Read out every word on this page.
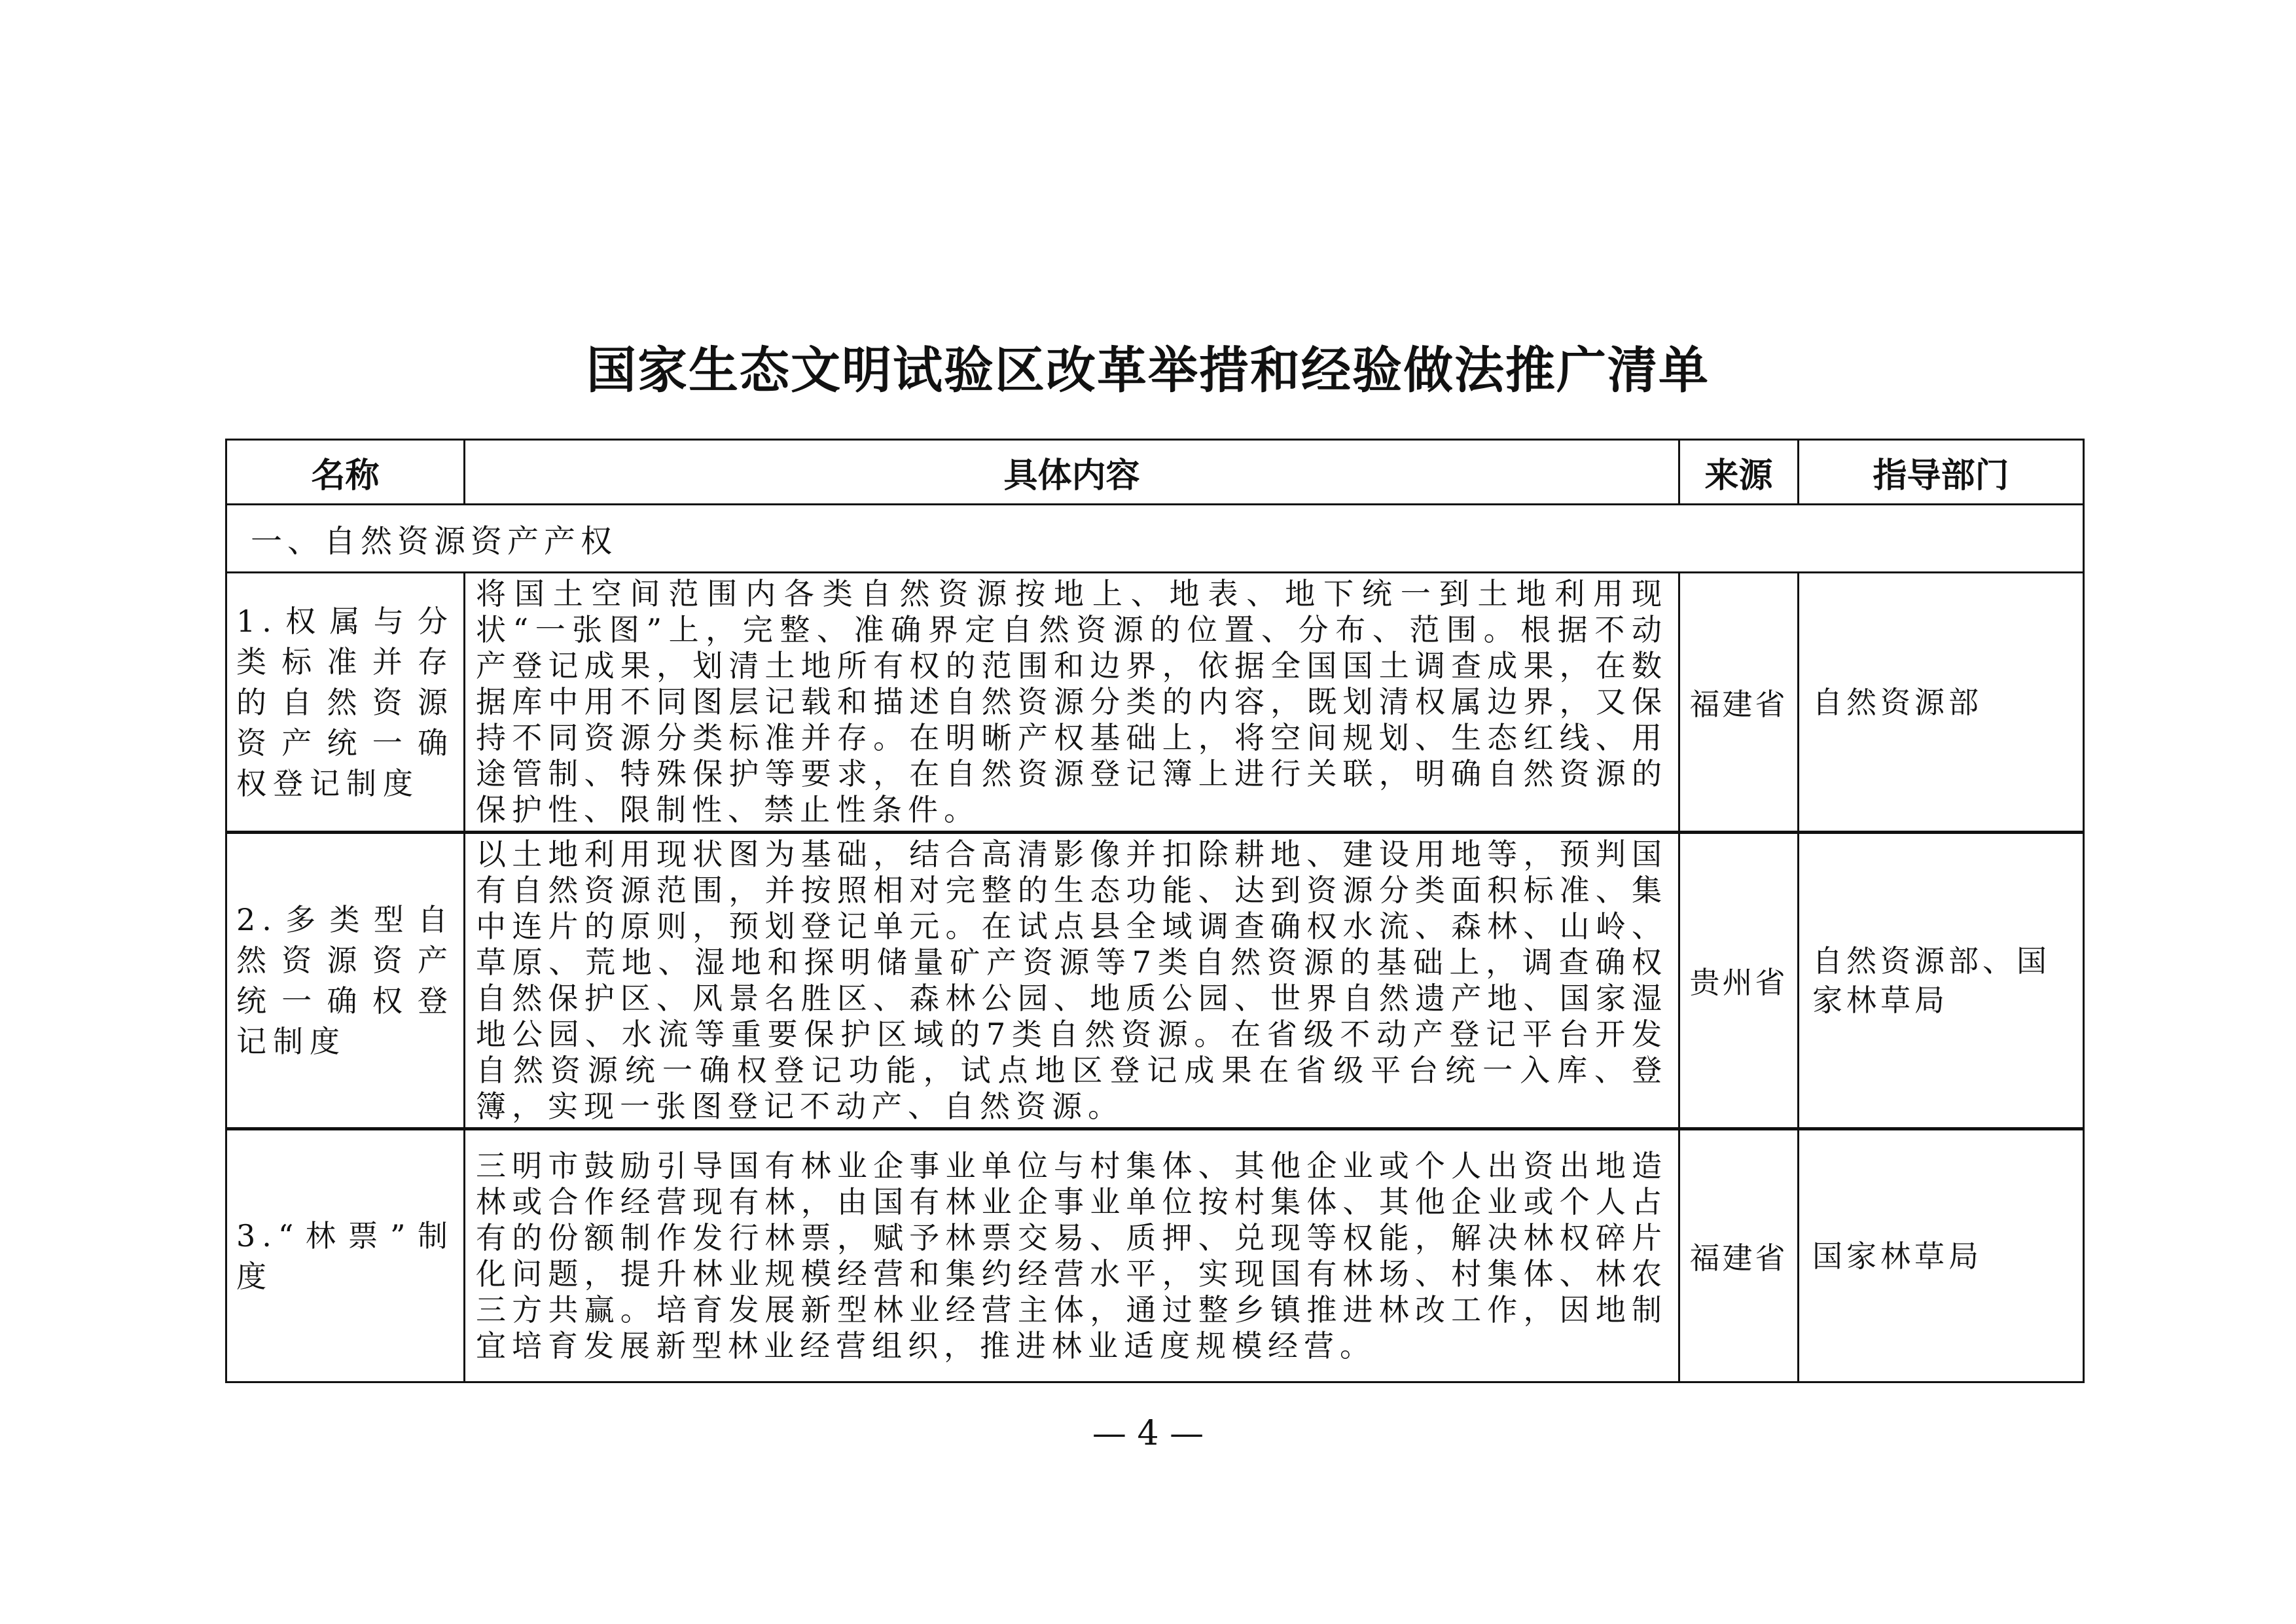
国家生态文明试验区改革举措和经验做法推广清单
名称	具体内容	来源	指导部门
一、自然资源资产产权			
1.权属与分类标准并存的自然资源资产统一确权登记制度	将国土空间范围内各类自然资源按地上、地表、地下统一到土地利用现状“一张图”上，完整、准确界定自然资源的位置、分布、范围。根据不动产登记成果，划清土地所有权的范围和边界，依据全国国土调查成果，在数据库中用不同图层记载和描述自然资源分类的内容，既划清权属边界，又保持不同资源分类标准并存。在明晰产权基础上，将空间规划、生态红线、用途管制、特殊保护等要求，在自然资源登记簿上进行关联，明确自然资源的保护性、限制性、禁止性条件。	福建省	自然资源部
2.多类型自然资源资产统一确权登记制度	以土地利用现状图为基础，结合高清影像并扣除耕地、建设用地等，预判国有自然资源范围，并按照相对完整的生态功能、达到资源分类面积标准、集中连片的原则，预划登记单元。在试点县全域调查确权水流、森林、山岭、草原、荒地、湿地和探明储量矿产资源等7类自然资源的基础上，调查确权自然保护区、风景名胜区、森林公园、地质公园、世界自然遗产地、国家湿地公园、水流等重要保护区域的7类自然资源。在省级不动产登记平台开发自然资源统一确权登记功能，试点地区登记成果在省级平台统一入库、登簿，实现一张图登记不动产、自然资源。	贵州省	自然资源部、国家林草局
3.“林票”制度	三明市鼓励引导国有林业企事业单位与村集体、其他企业或个人出资出地造林或合作经营现有林，由国有林业企事业单位按村集体、其他企业或个人占有的份额制作发行林票，赋予林票交易、质押、兑现等权能，解决林权碎片化问题，提升林业规模经营和集约经营水平，实现国有林场、村集体、林农三方共赢。培育发展新型林业经营主体，通过整乡镇推进林改工作，因地制宜培育发展新型林业经营组织，推进林业适度规模经营。	福建省	国家林草局
— 4 —
